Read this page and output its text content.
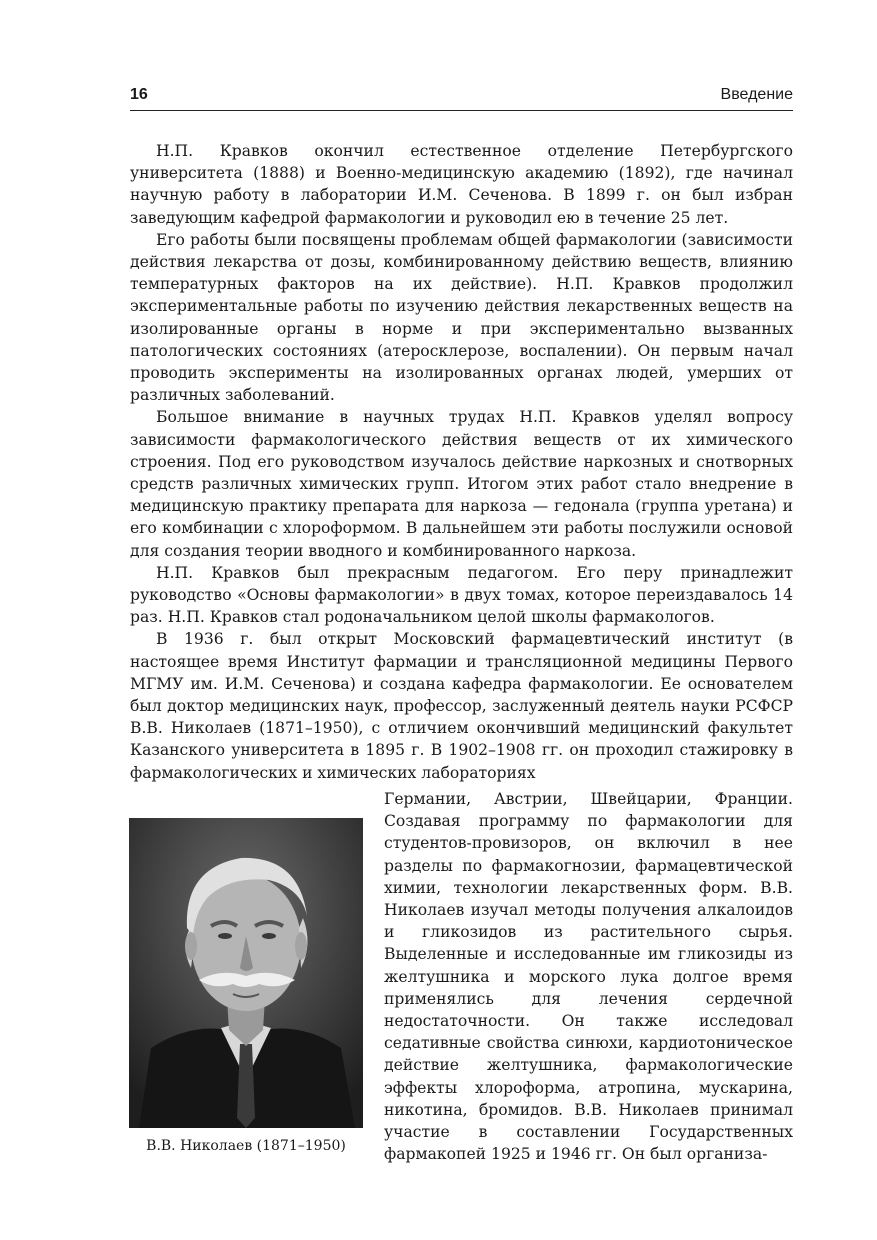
16	Введение

Н.П. Кравков окончил естественное отделение Петербургского университета (1888) и Военно-медицинскую академию (1892), где начинал научную работу в лаборатории И.М. Сеченова. В 1899 г. он был избран заведующим кафедрой фармакологии и руководил ею в течение 25 лет.

Его работы были посвящены проблемам общей фармакологии (зависимости действия лекарства от дозы, комбинированному действию веществ, влиянию температурных факторов на их действие). Н.П. Кравков продолжил экспериментальные работы по изучению действия лекарственных веществ на изолированные органы в норме и при экспериментально вызванных патологических состояниях (атеросклерозе, воспалении). Он первым начал проводить эксперименты на изолированных органах людей, умерших от различных заболеваний.

Большое внимание в научных трудах Н.П. Кравков уделял вопросу зависимости фармакологического действия веществ от их химического строения. Под его руководством изучалось действие наркозных и снотворных средств различных химических групп. Итогом этих работ стало внедрение в медицинскую практику препарата для наркоза — гедонала (группа уретана) и его комбинации с хлороформом. В дальнейшем эти работы послужили основой для создания теории вводного и комбинированного наркоза.

Н.П. Кравков был прекрасным педагогом. Его перу принадлежит руководство «Основы фармакологии» в двух томах, которое переиздавалось 14 раз. Н.П. Кравков стал родоначальником целой школы фармакологов.

В 1936 г. был открыт Московский фармацевтический институт (в настоящее время Институт фармации и трансляционной медицины Первого МГМУ им. И.М. Сеченова) и создана кафедра фармакологии. Ее основателем был доктор медицинских наук, профессор, заслуженный деятель науки РСФСР В.В. Николаев (1871–1950), с отличием окончивший медицинский факультет Казанского университета в 1895 г. В 1902–1908 гг. он проходил стажировку в фармакологических и химических лабораториях

В.В. Николаев (1871–1950)
Германии, Австрии, Швейцарии, Франции. Создавая программу по фармакологии для студентов-провизоров, он включил в нее разделы по фармакогнозии, фармацевтической химии, технологии лекарственных форм. В.В. Николаев изучал методы получения алкалоидов и гликозидов из растительного сырья. Выделенные и исследованные им гликозиды из желтушника и морского лука долгое время применялись для лечения сердечной недостаточности. Он также исследовал седативные свойства синюхи, кардиотоническое действие желтушника, фармакологические эффекты хлороформа, атропина, мускарина, никотина, бромидов. В.В. Николаев принимал участие в составлении Государственных фармакопей 1925 и 1946 гг. Он был организа-
